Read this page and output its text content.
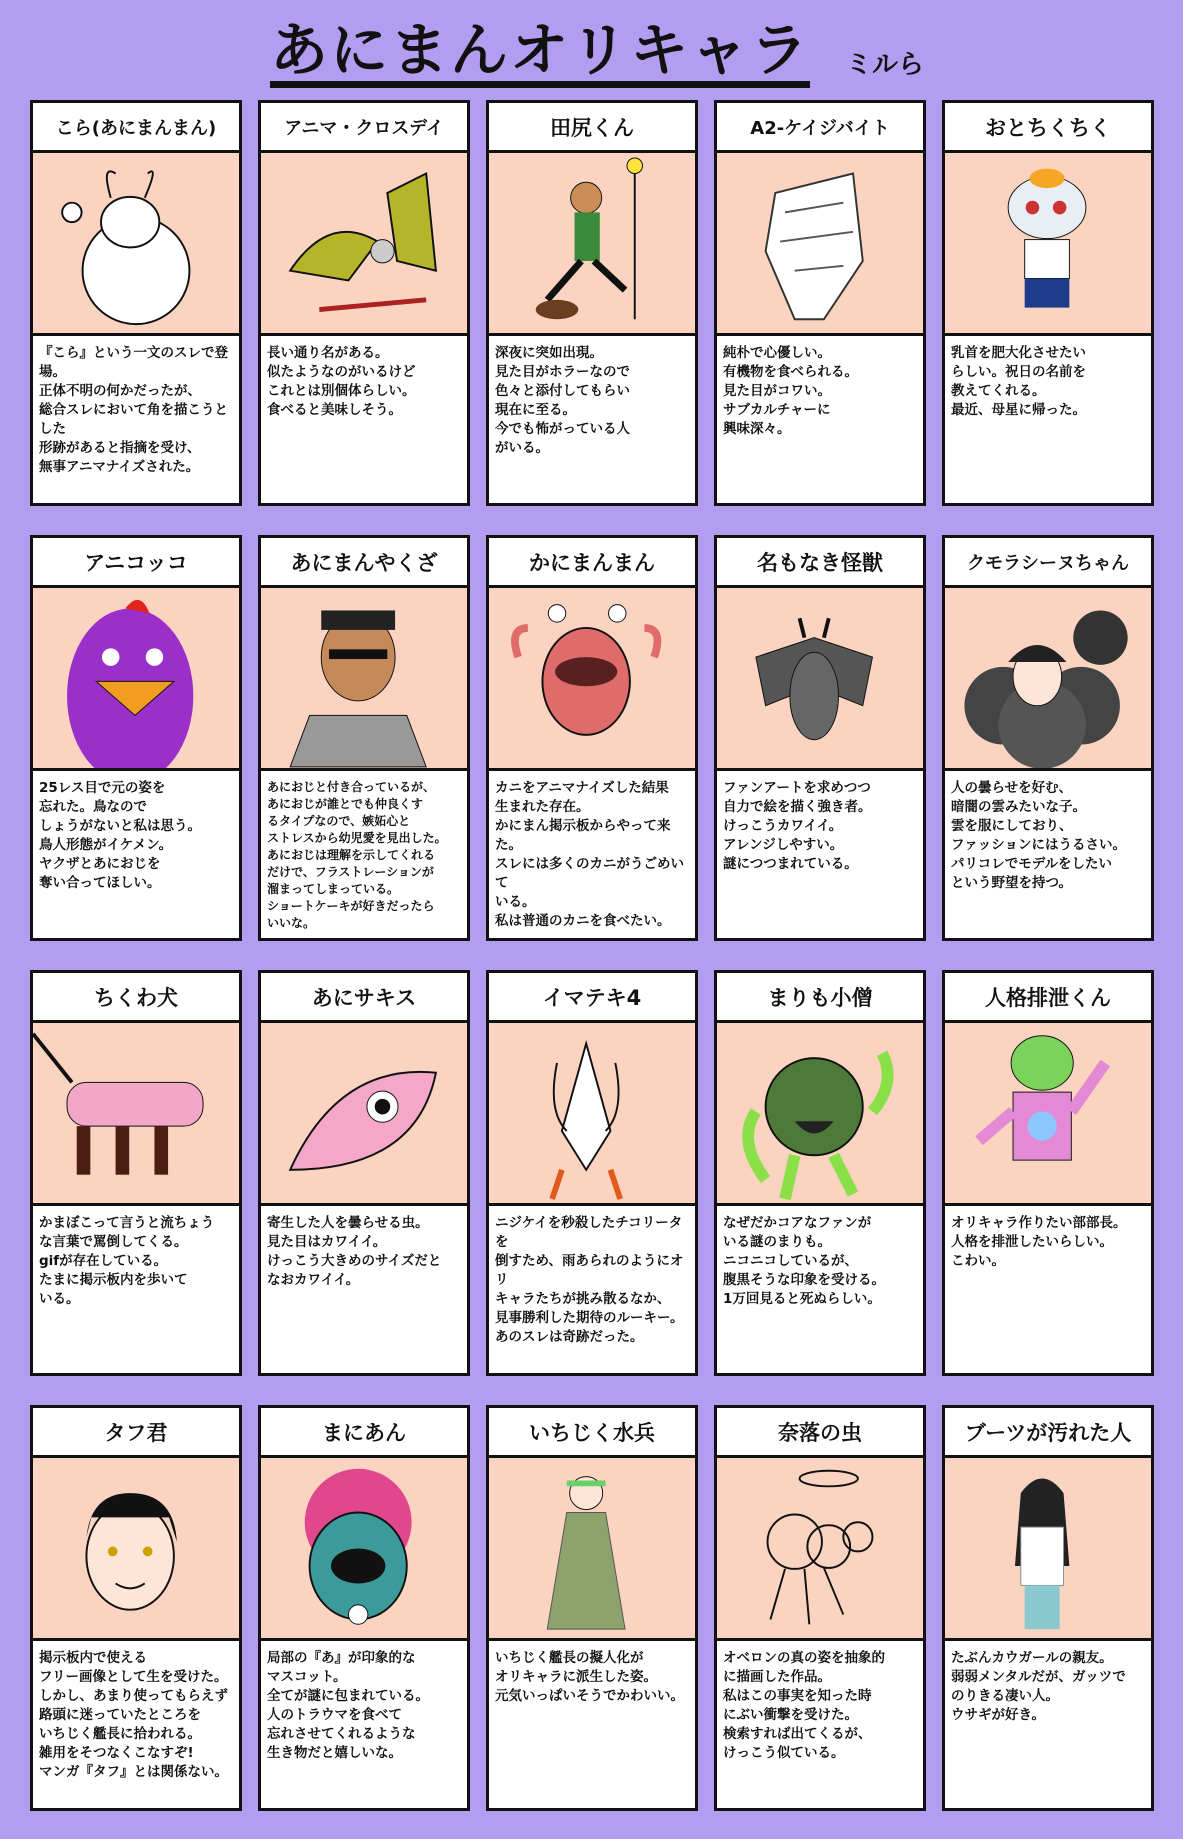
あにまんオリキャラ ミルら
こら(あにまんまん)
『こら』という一文のスレで登場。
正体不明の何かだったが、
総合スレにおいて角を描こうとした
形跡があると指摘を受け、
無事アニマナイズされた。
アニマ・クロスデイ
長い通り名がある。
似たようなのがいるけど
これとは別個体らしい。
食べると美味しそう。
田尻くん
深夜に突如出現。
見た目がホラーなので
色々と添付してもらい
現在に至る。
今でも怖がっている人
がいる。
A2-ケイジバイト
純朴で心優しい。
有機物を食べられる。
見た目がコワい。
サブカルチャーに
興味深々。
おとちくちく
乳首を肥大化させたい
らしい。祝日の名前を
教えてくれる。
最近、母星に帰った。
アニコッコ
25レス目で元の姿を
忘れた。鳥なので
しょうがないと私は思う。
鳥人形態がイケメン。
ヤクザとあにおじを
奪い合ってほしい。
あにまんやくざ
あにおじと付き合っているが、
あにおじが誰とでも仲良くす
るタイプなので、嫉妬心と
ストレスから幼児愛を見出した。
あにおじは理解を示してくれる
だけで、フラストレーションが
溜まってしまっている。
ショートケーキが好きだったら
いいな。
かにまんまん
カニをアニマナイズした結果
生まれた存在。
かにまん掲示板からやって来た。
スレには多くのカニがうごめいて
いる。
私は普通のカニを食べたい。
名もなき怪獣
ファンアートを求めつつ
自力で絵を描く強き者。
けっこうカワイイ。
アレンジしやすい。
謎につつまれている。
クモラシーヌちゃん
人の曇らせを好む、
暗闇の雲みたいな子。
雲を服にしており、
ファッションにはうるさい。
パリコレでモデルをしたい
という野望を持つ。
ちくわ犬
かまぼこって言うと流ちょう
な言葉で罵倒してくる。
gifが存在している。
たまに掲示板内を歩いて
いる。
あにサキス
寄生した人を曇らせる虫。
見た目はカワイイ。
けっこう大きめのサイズだと
なおカワイイ。
イマテキ4
ニジケイを秒殺したチコリータを
倒すため、雨あられのようにオリ
キャラたちが挑み散るなか、
見事勝利した期待のルーキー。
あのスレは奇跡だった。
まりも小僧
なぜだかコアなファンが
いる謎のまりも。
ニコニコしているが、
腹黒そうな印象を受ける。
1万回見ると死ぬらしい。
人格排泄くん
オリキャラ作りたい部部長。
人格を排泄したいらしい。
こわい。
タフ君
掲示板内で使える
フリー画像として生を受けた。
しかし、あまり使ってもらえず
路頭に迷っていたところを
いちじく艦長に拾われる。
雑用をそつなくこなすぞ!
マンガ『タフ』とは関係ない。
まにあん
局部の『あ』が印象的な
マスコット。
全てが謎に包まれている。
人のトラウマを食べて
忘れさせてくれるような
生き物だと嬉しいな。
いちじく水兵
いちじく艦長の擬人化が
オリキャラに派生した姿。
元気いっぱいそうでかわいい。
奈落の虫
オベロンの真の姿を抽象的
に描画した作品。
私はこの事実を知った時
にぶい衝撃を受けた。
検索すれば出てくるが、
けっこう似ている。
ブーツが汚れた人
たぶんカウガールの親友。
弱弱メンタルだが、ガッツで
のりきる凄い人。
ウサギが好き。
